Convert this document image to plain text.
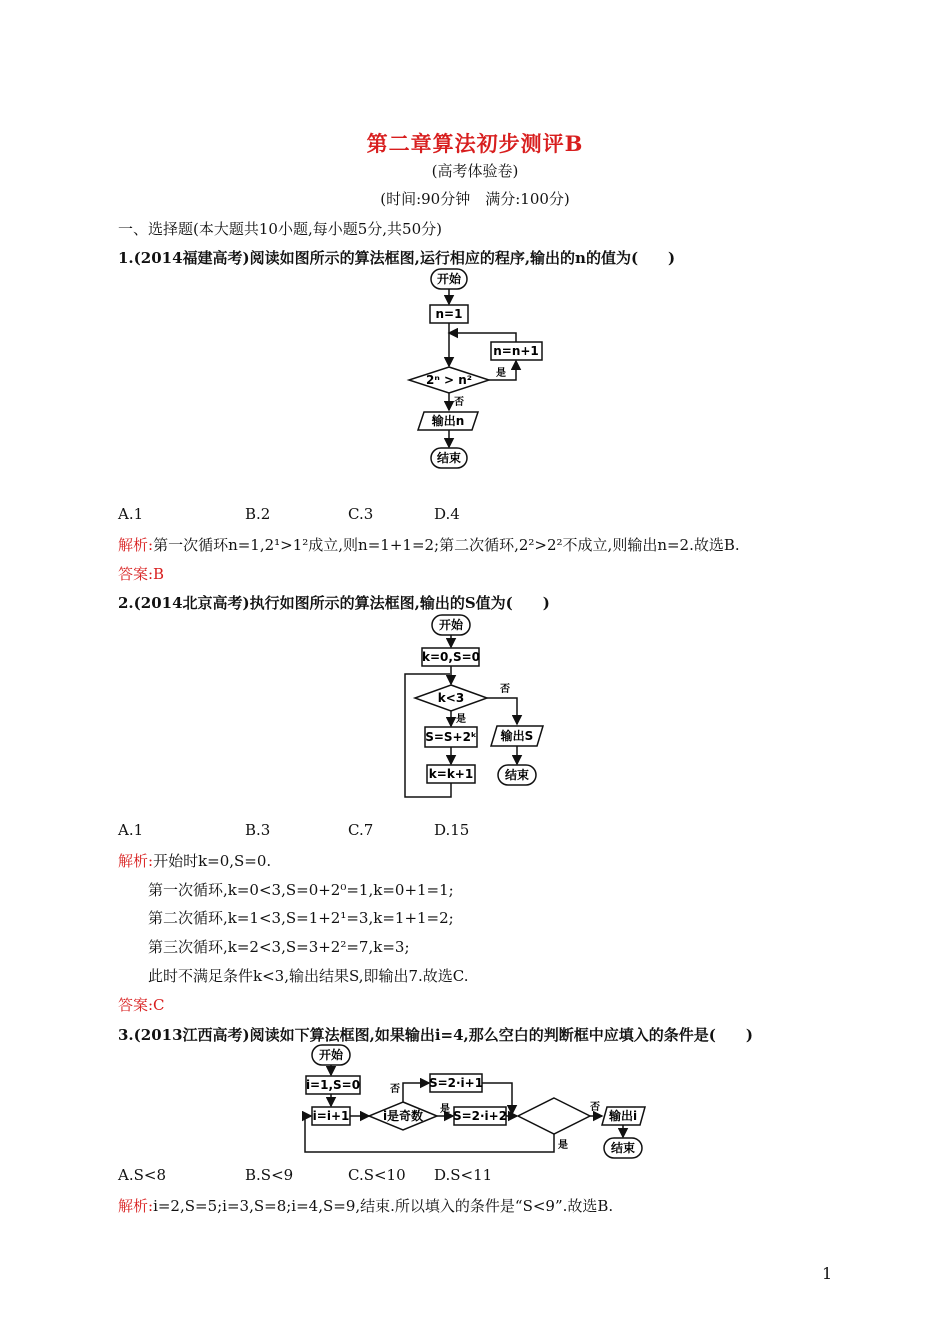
第二章算法初步测评B
(高考体验卷)
(时间:90分钟　满分:100分)
一、选择题(本大题共10小题,每小题5分,共50分)
1.(2014福建高考)阅读如图所示的算法框图,运行相应的程序,输出的n的值为(　　)
开始
n=1
n=n+1
2ⁿ > n² 是
否
输出n
结束
A.1	B.2	C.3	D.4
解析:第一次循环n=1,2¹>1²成立,则n=1+1=2;第二次循环,2²>2²不成立,则输出n=2.故选B.
答案:B
2.(2014北京高考)执行如图所示的算法框图,输出的S值为(　　)
开始
k=0,S=0
k<3
否
是
S=S+2ᵏ
k=k+1
输出S
结束
A.1	B.3	C.7	D.15
解析:开始时k=0,S=0.
第一次循环,k=0<3,S=0+2⁰=1,k=0+1=1;
第二次循环,k=1<3,S=1+2¹=3,k=1+1=2;
第三次循环,k=2<3,S=3+2²=7,k=3;
此时不满足条件k<3,输出结果S,即输出7.故选C.
答案:C
3.(2013江西高考)阅读如下算法框图,如果输出i=4,那么空白的判断框中应填入的条件是(　　)
开始
i=1,S=0
i=i+1	i是奇数 S=2·i+2
S=2·i+1
否
是	否
是
输出i
结束
A.S<8	B.S<9	C.S<10 D.S<11
解析:i=2,S=5;i=3,S=8;i=4,S=9,结束.所以填入的条件是“S<9”.故选B.
1
